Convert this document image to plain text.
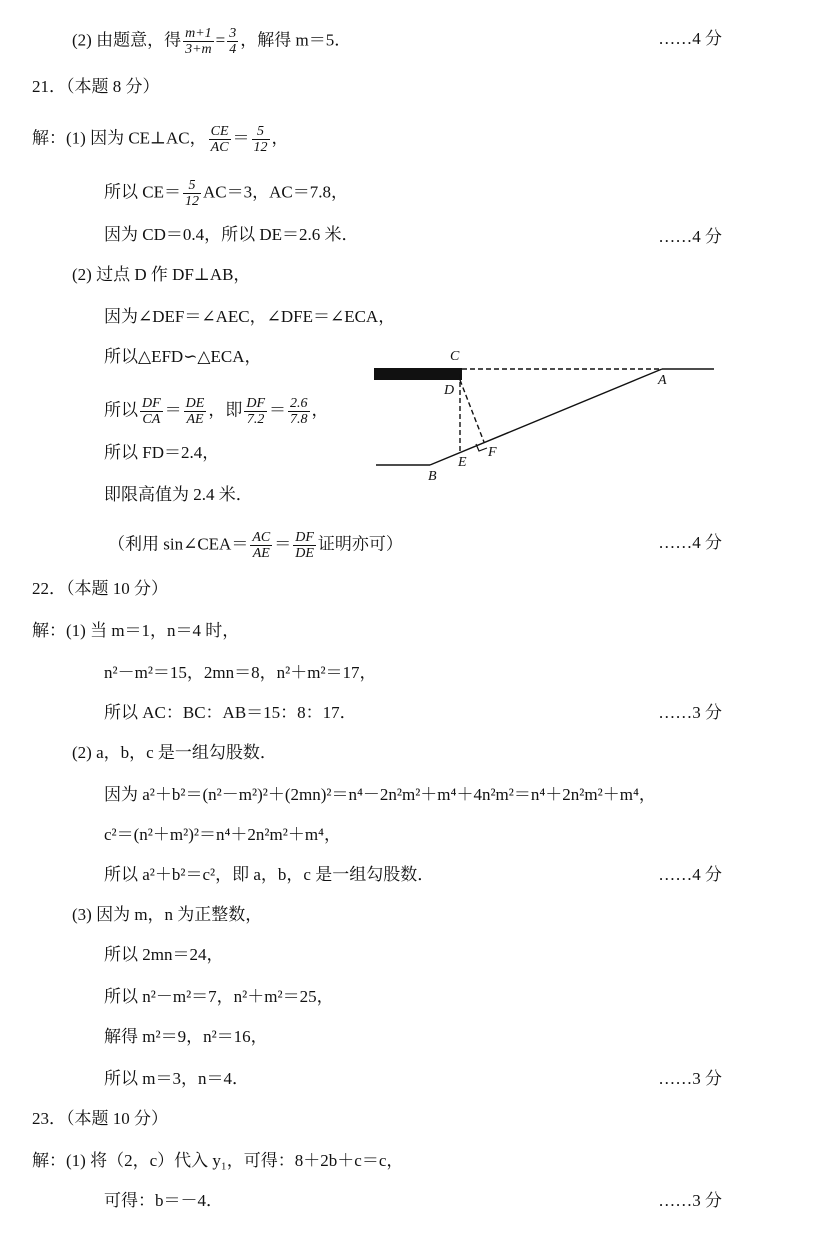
(2) 由题意，得 $\frac{m+1}{3+m} = \frac{3}{4}$ ，解得 m＝5．	……4 分
21．（本题 8 分）
解：(1) 因为 CE⊥AC， $\frac{CE}{AC} = \frac{5}{12}$ ，
所以 $CE= \frac{5}{12} AC=3$，AC＝7.8，
因为 CD＝0.4，所以 DE＝2.6 米．	……4 分
(2) 过点 D 作 DF⊥AB，
因为∠DEF＝∠AEC，∠DFE＝∠ECA，
所以△EFD∽△ECA，
所以 $\frac{DF}{CA} = \frac{DE}{AE}$ ，即 $\frac{DF}{7.2} = \frac{2.6}{7.8}$ ，
所以 FD＝2.4，
即限高值为 2.4 米．
（利用 sin∠CEA＝ $\frac{AC}{AE} = \frac{DF}{DE}$ 证明亦可）	……4 分
C
D
A
E
F
B
22．（本题 10 分）
解：(1) 当 m＝1，n＝4 时，
n²－m²＝15，2mn＝8，n²＋m²＝17，
所以 AC：BC：AB＝15：8：17．	……3 分
(2) a，b，c 是一组勾股数．
因为 a²＋b²＝(n²－m²)²＋(2mn)²＝n⁴－2n²m²＋m⁴＋4n²m²＝n⁴＋2n²m²＋m⁴，
c²＝(n²＋m²)²＝n⁴＋2n²m²＋m⁴，
所以 a²＋b²＝c²，即 a，b，c 是一组勾股数．	……4 分
(3) 因为 m，n 为正整数，
所以 2mn＝24，
所以 n²－m²＝7，n²＋m²＝25，
解得 m²＝9，n²＝16，
所以 m＝3，n＝4．	……3 分
23．（本题 10 分）
解：(1) 将（2，c）代入 y₁，可得：8＋2b＋c＝c，
可得：b＝－4．	……3 分
